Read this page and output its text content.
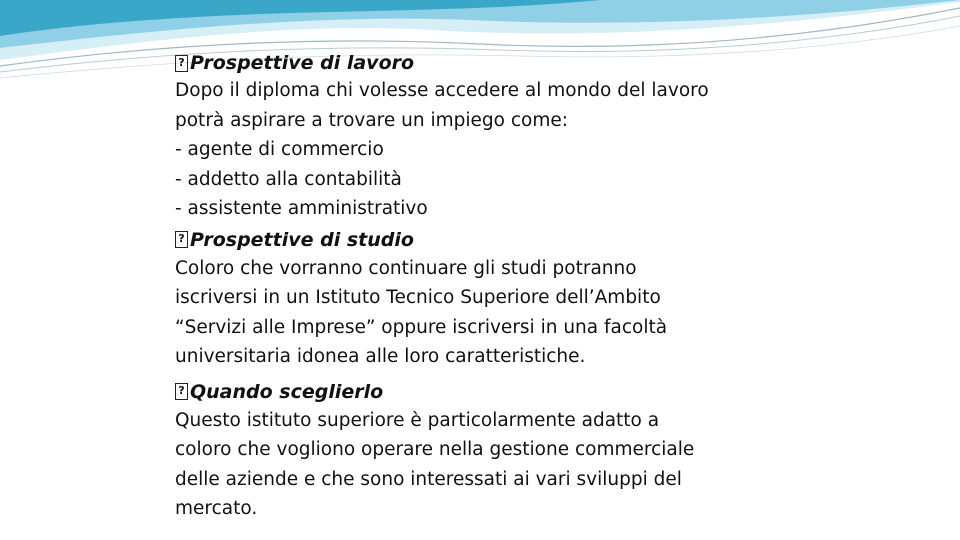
? Prospettive di lavoro

Dopo il diploma chi volesse accedere al mondo del lavoro

potrà aspirare a trovare un impiego come:

- agente di commercio

- addetto alla contabilità

- assistente amministrativo

? Prospettive di studio

Coloro che vorranno continuare gli studi potranno

iscriversi in un Istituto Tecnico Superiore dell’Ambito

“Servizi alle Imprese” oppure iscriversi in una facoltà

universitaria idonea alle loro caratteristiche.

? Quando sceglierlo

Questo istituto superiore è particolarmente adatto a

coloro che vogliono operare nella gestione commerciale

delle aziende e che sono interessati ai vari sviluppi del

mercato.
